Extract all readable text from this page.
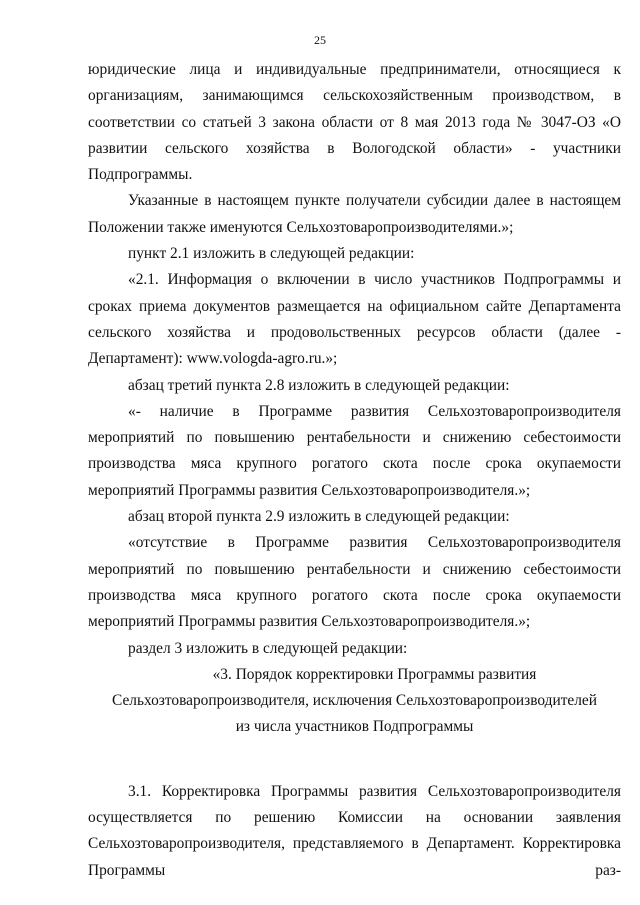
25

юридические лица и индивидуальные предприниматели, относящиеся к организациям, занимающимся сельскохозяйственным производством, в соответствии со статьей 3 закона области от 8 мая 2013 года № 3047-ОЗ «О развитии сельского хозяйства в Вологодской области» - участники Подпрограммы.

Указанные в настоящем пункте получатели субсидии далее в настоящем Положении также именуются Сельхозтоваропроизводителями.»;

пункт 2.1 изложить в следующей редакции:

«2.1. Информация о включении в число участников Подпрограммы и сроках приема документов размещается на официальном сайте Департамента сельского хозяйства и продовольственных ресурсов области (далее - Департамент): www.vologda-agro.ru.»;

абзац третий пункта 2.8 изложить в следующей редакции:

«- наличие в Программе развития Сельхозтоваропроизводителя мероприятий по повышению рентабельности и снижению себестоимости производства мяса крупного рогатого скота после срока окупаемости мероприятий Программы развития Сельхозтоваропроизводителя.»;

абзац второй пункта 2.9 изложить в следующей редакции:

«отсутствие в Программе развития Сельхозтоваропроизводителя мероприятий по повышению рентабельности и снижению себестоимости производства мяса крупного рогатого скота после срока окупаемости мероприятий Программы развития Сельхозтоваропроизводителя.»;

раздел 3 изложить в следующей редакции:

«3. Порядок корректировки Программы развития
Сельхозтоваропроизводителя, исключения Сельхозтоваропроизводителей
из числа участников Подпрограммы

3.1. Корректировка Программы развития Сельхозтоваропроизводителя осуществляется по решению Комиссии на основании заявления Сельхозтоваропроизводителя, представляемого в Департамент. Корректировка Программы раз-
